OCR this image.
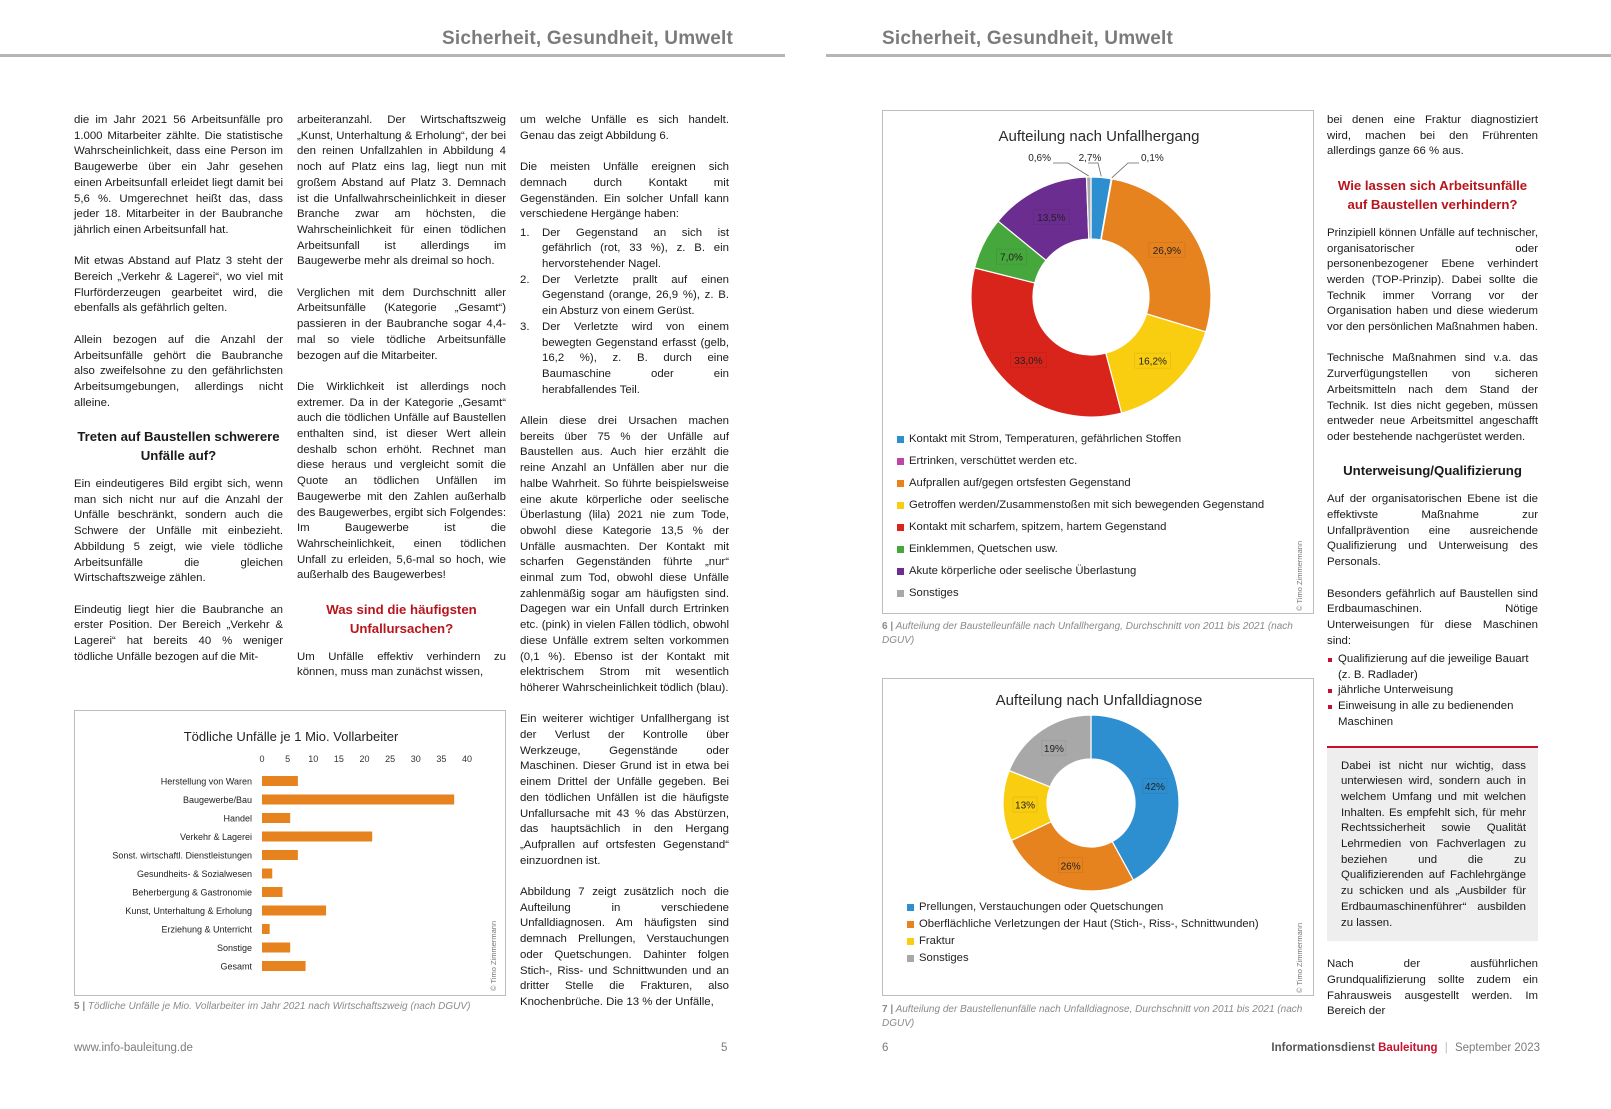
Sicherheit, Gesundheit, Umwelt

die im Jahr 2021 56 Arbeitsunfälle pro 1.000 Mitarbeiter zählte. Die statistische Wahrscheinlichkeit, dass eine Person im Baugewerbe über ein Jahr gesehen einen Arbeitsunfall erleidet liegt damit bei 5,6 %. Umgerechnet heißt das, dass jeder 18. Mitarbeiter in der Baubranche jährlich einen Arbeitsunfall hat.

Mit etwas Abstand auf Platz 3 steht der Bereich „Verkehr & Lagerei“, wo viel mit Flurförderzeugen gearbeitet wird, die ebenfalls als gefährlich gelten.

Allein bezogen auf die Anzahl der Arbeitsunfälle gehört die Baubranche also zweifelsohne zu den gefährlichsten Arbeitsumgebungen, allerdings nicht alleine.

Treten auf Baustellen schwerere Unfälle auf?

Ein eindeutigeres Bild ergibt sich, wenn man sich nicht nur auf die Anzahl der Unfälle beschränkt, sondern auch die Schwere der Unfälle mit einbezieht. Abbildung 5 zeigt, wie viele tödliche Arbeitsunfälle die gleichen Wirtschaftszweige zählen.

Eindeutig liegt hier die Baubranche an erster Position. Der Bereich „Verkehr & Lagerei“ hat bereits 40 % weniger tödliche Unfälle bezogen auf die Mit-

arbeiteranzahl. Der Wirtschaftszweig „Kunst, Unterhaltung & Erholung“, der bei den reinen Unfallzahlen in Abbildung 4 noch auf Platz eins lag, liegt nun mit großem Abstand auf Platz 3. Demnach ist die Unfallwahrscheinlichkeit in dieser Branche zwar am höchsten, die Wahrscheinlichkeit für einen tödlichen Arbeitsunfall ist allerdings im Baugewerbe mehr als dreimal so hoch.

Verglichen mit dem Durchschnitt aller Arbeitsunfälle (Kategorie „Gesamt“) passieren in der Baubranche sogar 4,4-mal so viele tödliche Arbeitsunfälle bezogen auf die Mitarbeiter.

Die Wirklichkeit ist allerdings noch extremer. Da in der Kategorie „Gesamt“ auch die tödlichen Unfälle auf Baustellen enthalten sind, ist dieser Wert allein deshalb schon erhöht. Rechnet man diese heraus und vergleicht somit die Quote an tödlichen Unfällen im Baugewerbe mit den Zahlen außerhalb des Baugewerbes, ergibt sich Folgendes: Im Baugewerbe ist die Wahrscheinlichkeit, einen tödlichen Unfall zu erleiden, 5,6-mal so hoch, wie außerhalb des Baugewerbes!

Was sind die häufigsten Unfallursachen?

Um Unfälle effektiv verhindern zu können, muss man zunächst wissen,

um welche Unfälle es sich handelt. Genau das zeigt Abbildung 6.

Die meisten Unfälle ereignen sich demnach durch Kontakt mit Gegenständen. Ein solcher Unfall kann verschiedene Hergänge haben:

1. Der Gegenstand an sich ist gefährlich (rot, 33 %), z. B. ein hervorstehender Nagel.
2. Der Verletzte prallt auf einen Gegenstand (orange, 26,9 %), z. B. ein Absturz von einem Gerüst.
3. Der Verletzte wird von einem bewegten Gegenstand erfasst (gelb, 16,2 %), z. B. durch eine Baumaschine oder ein herabfallendes Teil.

Allein diese drei Ursachen machen bereits über 75 % der Unfälle auf Baustellen aus. Auch hier erzählt die reine Anzahl an Unfällen aber nur die halbe Wahrheit. So führte beispielsweise eine akute körperliche oder seelische Überlastung (lila) 2021 nie zum Tode, obwohl diese Kategorie 13,5 % der Unfälle ausmachten. Der Kontakt mit scharfen Gegenständen führte „nur“ einmal zum Tod, obwohl diese Unfälle zahlenmäßig sogar am häufigsten sind. Dagegen war ein Unfall durch Ertrinken etc. (pink) in vielen Fällen tödlich, obwohl diese Unfälle extrem selten vorkommen (0,1 %). Ebenso ist der Kontakt mit elektrischem Strom mit wesentlich höherer Wahrscheinlichkeit tödlich (blau).

Ein weiterer wichtiger Unfallhergang ist der Verlust der Kontrolle über Werkzeuge, Gegenstände oder Maschinen. Dieser Grund ist in etwa bei einem Drittel der Unfälle gegeben. Bei den tödlichen Unfällen ist die häufigste Unfallursache mit 43 % das Abstürzen, das hauptsächlich in den Hergang „Aufprallen auf ortsfesten Gegenstand“ einzuordnen ist.

Abbildung 7 zeigt zusätzlich noch die Aufteilung in verschiedene Unfalldiagnosen. Am häufigsten sind demnach Prellungen, Verstauchungen oder Quetschungen. Dahinter folgen Stich-, Riss- und Schnittwunden und an dritter Stelle die Frakturen, also Knochenbrüche. Die 13 % der Unfälle,

Tödliche Unfälle je 1 Mio. Vollarbeiter
0 5 10 15 20 25 30 35 40
Herstellung von Waren
Baugewerbe/Bau
Handel
Verkehr & Lagerei
Sonst. wirtschaftl. Dienstleistungen
Gesundheits- & Sozialwesen
Beherbergung & Gastronomie
Kunst, Unterhaltung & Erholung
Erziehung & Unterricht
Sonstige
Gesamt	© Timo Zimmermann
5 | Tödliche Unfälle je Mio. Vollarbeiter im Jahr 2021 nach Wirtschaftszweig (nach DGUV)
www.info-bauleitung.de	5
Sicherheit, Gesundheit, Umwelt
Aufteilung nach Unfallhergang
2,7%	0,1%
26,9%
16,2%
33,0%
7,0%
13,5%
0,6%
Kontakt mit Strom, Temperaturen, gefährlichen Stoffen
Ertrinken, verschüttet werden etc.
Aufprallen auf/gegen ortsfesten Gegenstand
Getroffen werden/Zusammenstoßen mit sich bewegenden Gegenstand
Kontakt mit scharfem, spitzem, hartem Gegenstand
Einklemmen, Quetschen usw.
Akute körperliche oder seelische Überlastung
Sonstiges	© Timo Zimmermann
6 | Aufteilung der Baustelleunfälle nach Unfallhergang, Durchschnitt von 2011 bis 2021 (nach DGUV)
Aufteilung nach Unfalldiagnose
42%
26%
13%
19%
Prellungen, Verstauchungen oder Quetschungen
Oberflächliche Verletzungen der Haut (Stich-, Riss-, Schnittwunden)
Fraktur
Sonstiges	© Timo Zimmermann
7 | Aufteilung der Baustellenunfälle nach Unfalldiagnose, Durchschnitt von 2011 bis 2021 (nach DGUV)

bei denen eine Fraktur diagnostiziert wird, machen bei den Frührenten allerdings ganze 66 % aus.

Wie lassen sich Arbeitsunfälle auf Baustellen verhindern?

Prinzipiell können Unfälle auf technischer, organisatorischer oder personenbezogener Ebene verhindert werden (TOP-Prinzip). Dabei sollte die Technik immer Vorrang vor der Organisation haben und diese wiederum vor den persönlichen Maßnahmen haben.

Technische Maßnahmen sind v.a. das Zurverfügungstellen von sicheren Arbeitsmitteln nach dem Stand der Technik. Ist dies nicht gegeben, müssen entweder neue Arbeitsmittel angeschafft oder bestehende nachgerüstet werden.

Unterweisung/Qualifizierung

Auf der organisatorischen Ebene ist die effektivste Maßnahme zur Unfallprävention eine ausreichende Qualifizierung und Unterweisung des Personals.

Besonders gefährlich auf Baustellen sind Erdbaumaschinen. Nötige Unterweisungen für diese Maschinen sind:

Qualifizierung auf die jeweilige Bauart (z. B. Radlader)
jährliche Unterweisung
Einweisung in alle zu bedienenden Maschinen

Dabei ist nicht nur wichtig, dass unterwiesen wird, sondern auch in welchem Umfang und mit welchen Inhalten. Es empfehlt sich, für mehr Rechtssicherheit sowie Qualität Lehrmedien von Fachverlagen zu beziehen und die zu Qualifizierenden auf Fachlehrgänge zu schicken und als „Ausbilder für Erdbaumaschinenführer“ ausbilden zu lassen.

Nach der ausführlichen Grundqualifizierung sollte zudem ein Fahrausweis ausgestellt werden. Im Bereich der

6	Informationsdienst Bauleitung | September 2023
